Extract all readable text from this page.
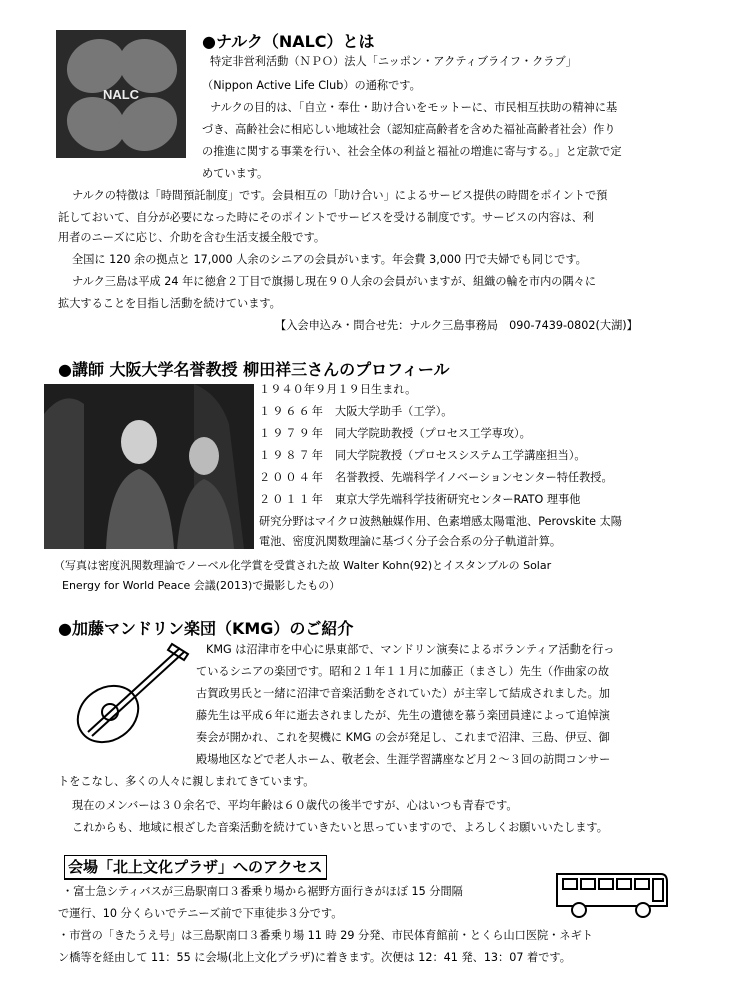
NALC
●ナルク（NALC）とは
特定非営利活動（ＮＰＯ）法人「ニッポン・アクティブライフ・クラブ」
（Nippon Active Life Club）の通称です。
ナルクの目的は、「自立・奉仕・助け合いをモットーに、市民相互扶助の精神に基
づき、高齢社会に相応しい地域社会（認知症高齢者を含めた福祉高齢者社会）作り
の推進に関する事業を行い、社会全体の利益と福祉の増進に寄与する。」と定款で定
めています。
ナルクの特徴は「時間預託制度」です。会員相互の「助け合い」によるサービス提供の時間をポイントで預
託しておいて、自分が必要になった時にそのポイントでサービスを受ける制度です。サービスの内容は、利
用者のニーズに応じ、介助を含む生活支援全般です。
全国に 120 余の拠点と 17,000 人余のシニアの会員がいます。年会費 3,000 円で夫婦でも同じです。
ナルク三島は平成 24 年に徳倉２丁目で旗揚し現在９０人余の会員がいますが、組織の輪を市内の隅々に
拡大することを目指し活動を続けています。
【入会申込み・問合せ先：ナルク三島事務局　090-7439-0802(大湖)】
●講師 大阪大学名誉教授 柳田祥三さんのプロフィール
１９４０年９月１９日生まれ。
１９６６年 大阪大学助手（工学）。
１９７９年 同大学院助教授（プロセス工学専攻）。
１９８７年 同大学院教授（プロセスシステム工学講座担当）。
２００４年 名誉教授、先端科学イノベーションセンター特任教授。
２０１１年 東京大学先端科学技術研究センターRATO 理事他
研究分野はマイクロ波熱触媒作用、色素増感太陽電池、Perovskite 太陽
電池、密度汎関数理論に基づく分子会合系の分子軌道計算。
（写真は密度汎関数理論でノーベル化学賞を受賞された故 Walter Kohn(92)とイスタンブルの Solar
Energy for World Peace 会議(2013)で撮影したもの）
●加藤マンドリン楽団（KMG）のご紹介
KMG は沼津市を中心に県東部で、マンドリン演奏によるボランティア活動を行っ
ているシニアの楽団です。昭和２１年１１月に加藤正（まさし）先生（作曲家の故
古賀政男氏と一緒に沼津で音楽活動をされていた）が主宰して結成されました。加
藤先生は平成６年に逝去されましたが、先生の遺徳を慕う楽団員達によって追悼演
奏会が開かれ、これを契機に KMG の会が発足し、これまで沼津、三島、伊豆、御
殿場地区などで老人ホーム、敬老会、生涯学習講座など月２～３回の訪問コンサー
トをこなし、多くの人々に親しまれてきています。
現在のメンバーは３０余名で、平均年齢は６０歳代の後半ですが、心はいつも青春です。
これからも、地域に根ざした音楽活動を続けていきたいと思っていますので、よろしくお願いいたします。
会場「北上文化プラザ」へのアクセス
・富士急シティバスが三島駅南口３番乗り場から裾野方面行きがほぼ 15 分間隔
で運行、10 分くらいでテニーズ前で下車徒歩３分です。
・市営の「きたうえ号」は三島駅南口３番乗り場 11 時 29 分発、市民体育館前・とくら山口医院・ネギト
ン橋等を経由して 11：55 に会場(北上文化プラザ)に着きます。次便は 12：41 発、13：07 着です。
